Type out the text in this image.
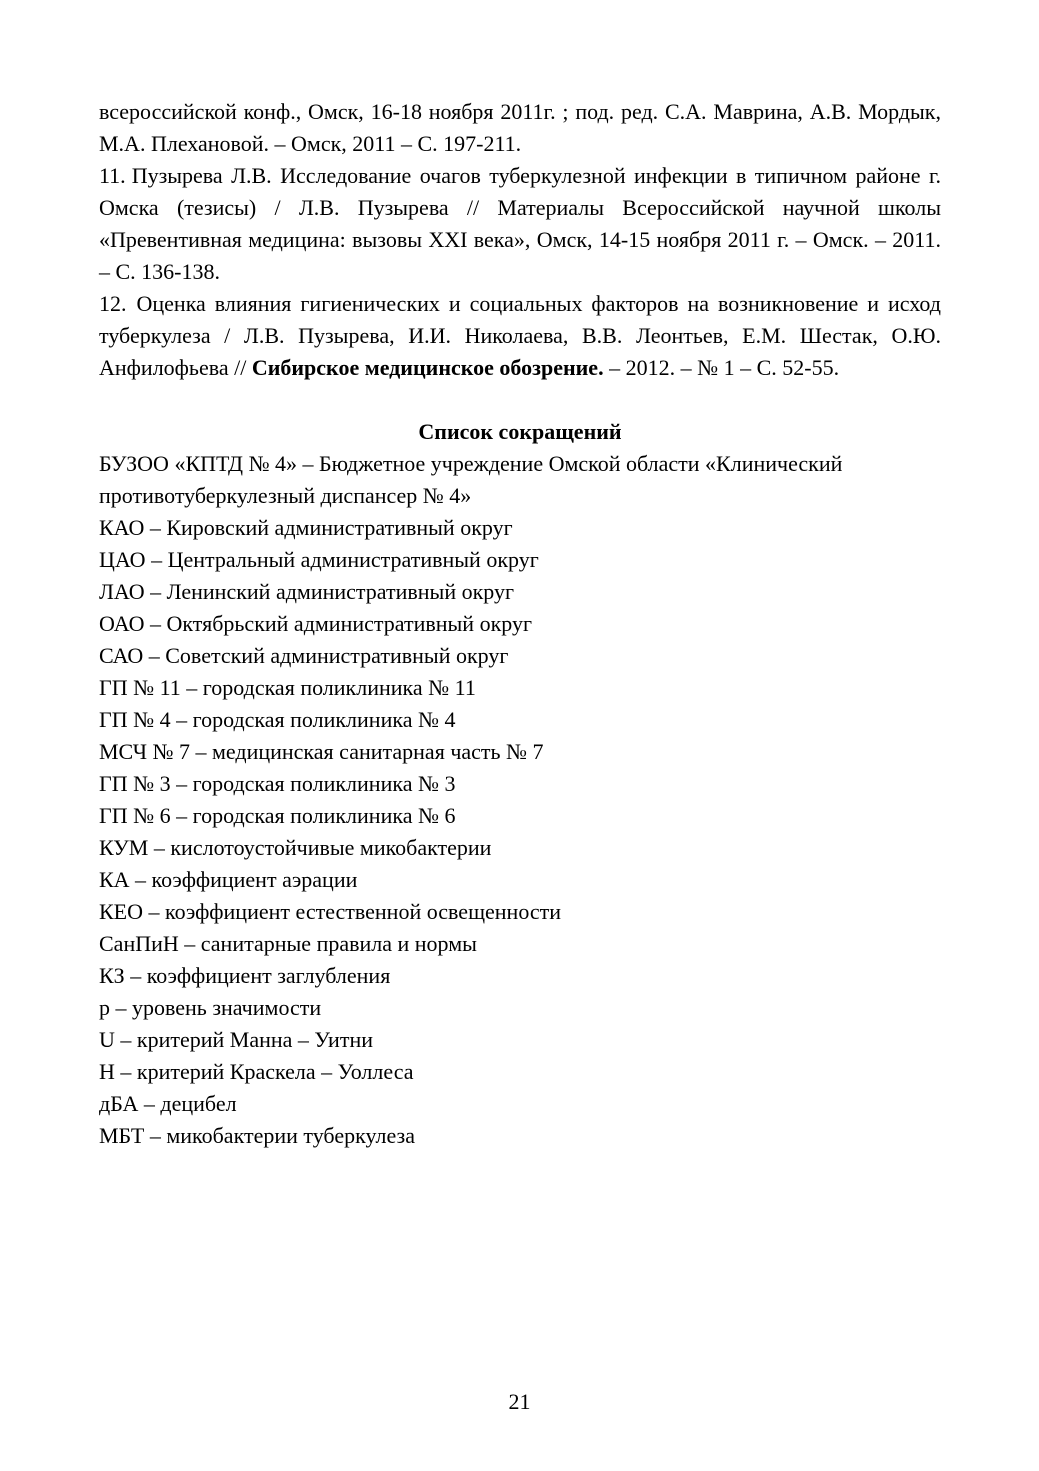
всероссийской конф., Омск, 16-18 ноября 2011г. ; под. ред. С.А. Маврина, А.В. Мордык, М.А. Плехановой. – Омск, 2011 – С. 197-211.

11. Пузырева Л.В. Исследование очагов туберкулезной инфекции в типичном районе г. Омска (тезисы) / Л.В. Пузырева // Материалы Всероссийской научной школы «Превентивная медицина: вызовы XXI века», Омск, 14-15 ноября 2011 г. – Омск. – 2011. – С. 136-138.

12. Оценка влияния гигиенических и социальных факторов на возникновение и исход туберкулеза / Л.В. Пузырева, И.И. Николаева, В.В. Леонтьев, Е.М. Шестак, О.Ю. Анфилофьева // Сибирское медицинское обозрение. – 2012. – № 1 – С. 52-55.

Список сокращений
БУЗОО «КПТД № 4» – Бюджетное учреждение Омской области «Клинический противотуберкулезный диспансер № 4»
КАО – Кировский административный округ
ЦАО – Центральный административный округ
ЛАО – Ленинский административный округ
ОАО – Октябрьский административный округ
САО – Советский административный округ
ГП № 11 – городская поликлиника № 11
ГП № 4 – городская поликлиника № 4
МСЧ № 7 – медицинская санитарная часть № 7
ГП № 3 – городская поликлиника № 3
ГП № 6 – городская поликлиника № 6
КУМ – кислотоустойчивые микобактерии
КА – коэффициент аэрации
КЕО – коэффициент естественной освещенности
СанПиН – санитарные правила и нормы
КЗ – коэффициент заглубления
p – уровень значимости
U – критерий Манна – Уитни
H – критерий Краскела – Уоллеса
дБА – децибел
МБТ – микобактерии туберкулеза
21
